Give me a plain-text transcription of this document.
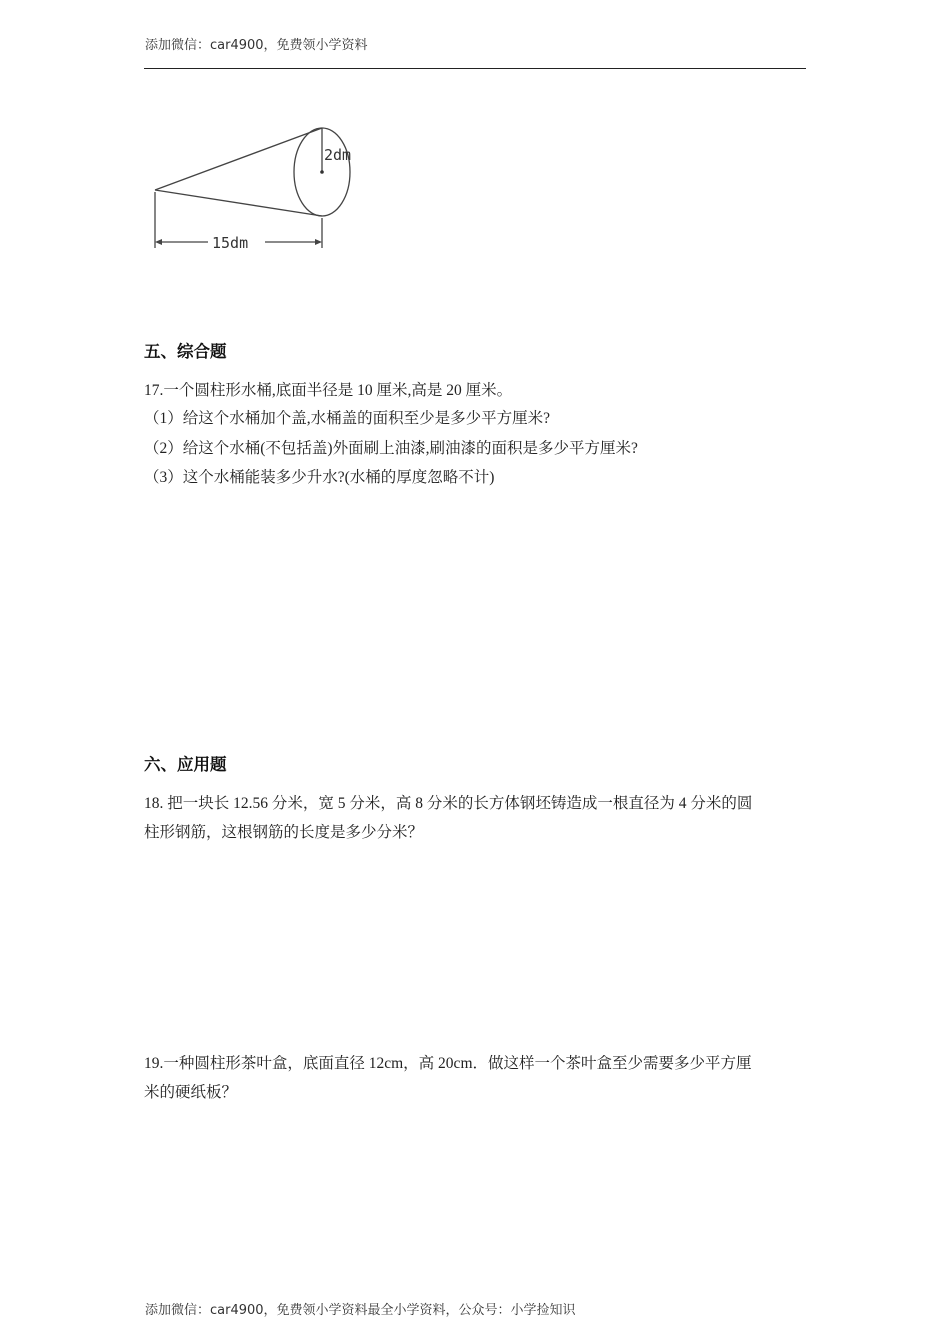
添加微信：car4900，免费领小学资料
2dm
15dm
五、综合题
17.一个圆柱形水桶,底面半径是 10 厘米,高是 20 厘米。
（1）给这个水桶加个盖,水桶盖的面积至少是多少平方厘米?
（2）给这个水桶(不包括盖)外面刷上油漆,刷油漆的面积是多少平方厘米?
（3）这个水桶能装多少升水?(水桶的厚度忽略不计)
六、应用题
18. 把一块长 12.56 分米，宽 5 分米，高 8 分米的长方体钢坯铸造成一根直径为 4 分米的圆
柱形钢筋，这根钢筋的长度是多少分米？
19.一种圆柱形茶叶盒，底面直径 12cm，高 20cm．做这样一个茶叶盒至少需要多少平方厘
米的硬纸板？
添加微信：car4900，免费领小学资料最全小学资料，公众号：小学捡知识
